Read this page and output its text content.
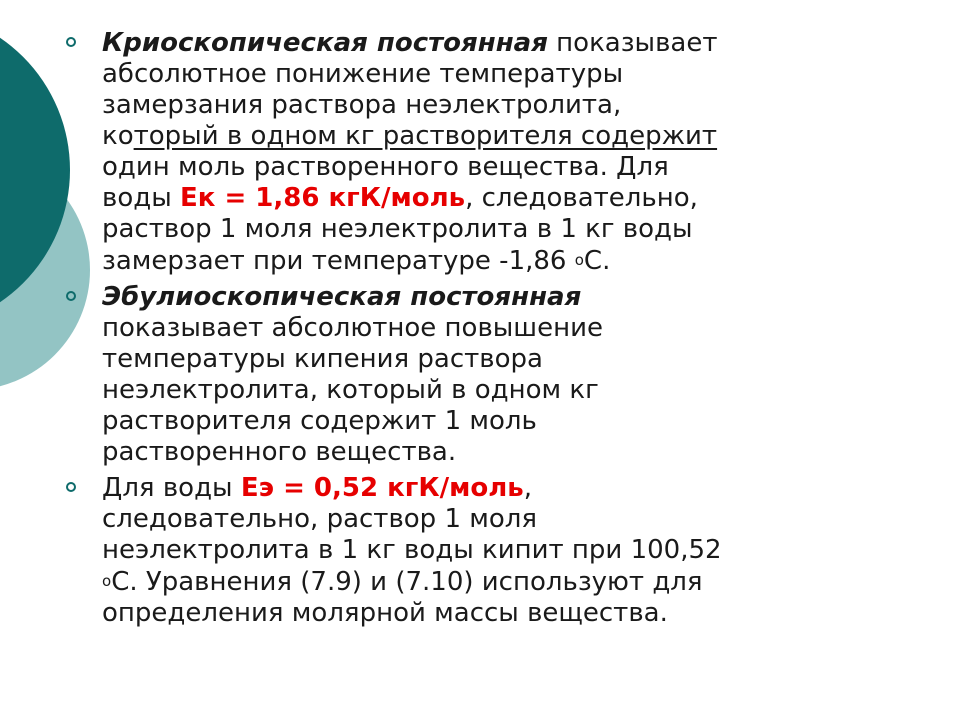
Криоскопическая постоянная показывает
абсолютное понижение температуры
замерзания раствора неэлектролита,
который в одном кг растворителя содержит
один моль растворенного вещества. Для
воды Ек = 1,86 кгК/моль, следовательно,
раствор 1 моля неэлектролита в 1 кг воды
замерзает при температуре -1,86 оС.
Эбулиоскопическая постоянная
показывает абсолютное повышение
температуры кипения раствора
неэлектролита, который в одном кг
растворителя содержит 1 моль
растворенного вещества.
Для воды Еэ = 0,52 кгК/моль,
следовательно, раствор 1 моля
неэлектролита в 1 кг воды кипит при 100,52
оС. Уравнения (7.9) и (7.10) используют для
определения молярной массы вещества.
